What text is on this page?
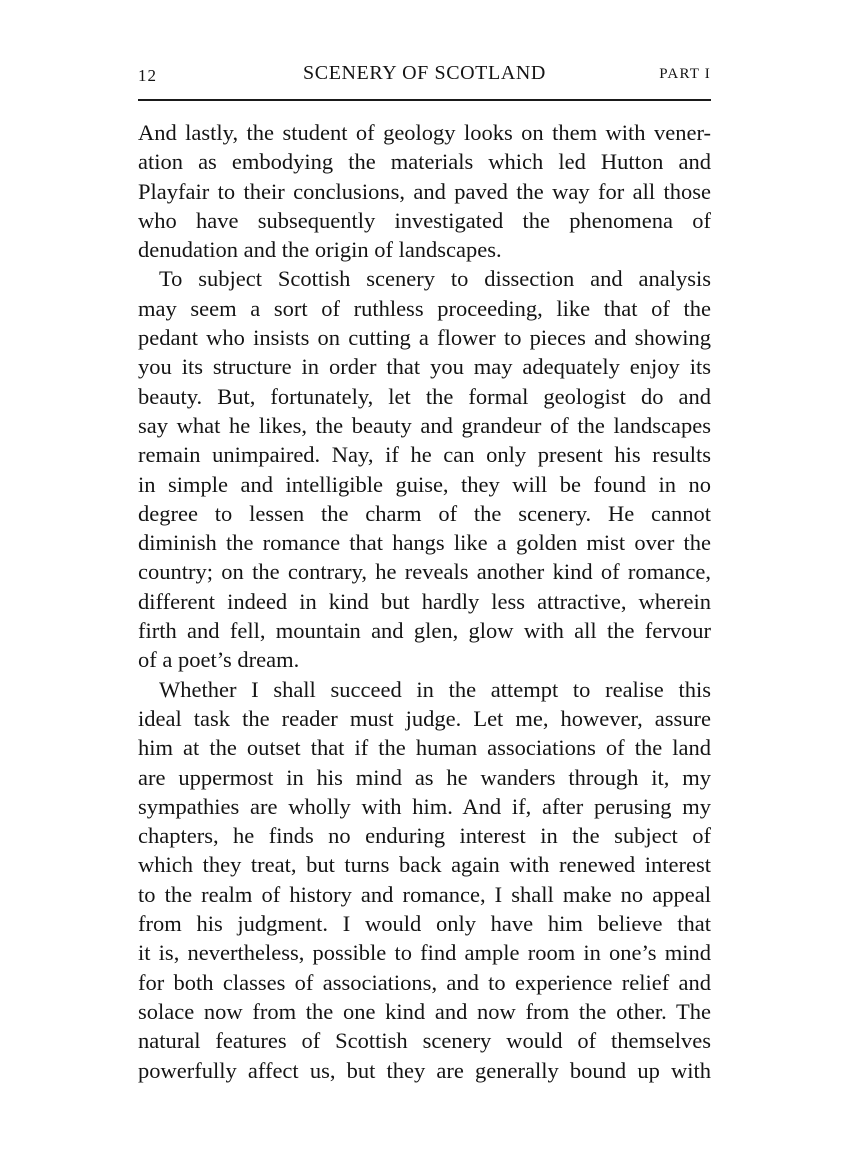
12	SCENERY OF SCOTLAND	PART I
And lastly, the student of geology looks on them with vener-
ation as embodying the materials which led Hutton and
Playfair to their conclusions, and paved the way for all those
who have subsequently investigated the phenomena of
denudation and the origin of landscapes.
To subject Scottish scenery to dissection and analysis
may seem a sort of ruthless proceeding, like that of the
pedant who insists on cutting a flower to pieces and showing
you its structure in order that you may adequately enjoy its
beauty. But, fortunately, let the formal geologist do and
say what he likes, the beauty and grandeur of the landscapes
remain unimpaired. Nay, if he can only present his results
in simple and intelligible guise, they will be found in no
degree to lessen the charm of the scenery. He cannot
diminish the romance that hangs like a golden mist over the
country; on the contrary, he reveals another kind of romance,
different indeed in kind but hardly less attractive, wherein
firth and fell, mountain and glen, glow with all the fervour
of a poet’s dream.
Whether I shall succeed in the attempt to realise this
ideal task the reader must judge. Let me, however, assure
him at the outset that if the human associations of the land
are uppermost in his mind as he wanders through it, my
sympathies are wholly with him. And if, after perusing my
chapters, he finds no enduring interest in the subject of
which they treat, but turns back again with renewed interest
to the realm of history and romance, I shall make no appeal
from his judgment. I would only have him believe that
it is, nevertheless, possible to find ample room in one’s mind
for both classes of associations, and to experience relief and
solace now from the one kind and now from the other. The
natural features of Scottish scenery would of themselves
powerfully affect us, but they are generally bound up with
